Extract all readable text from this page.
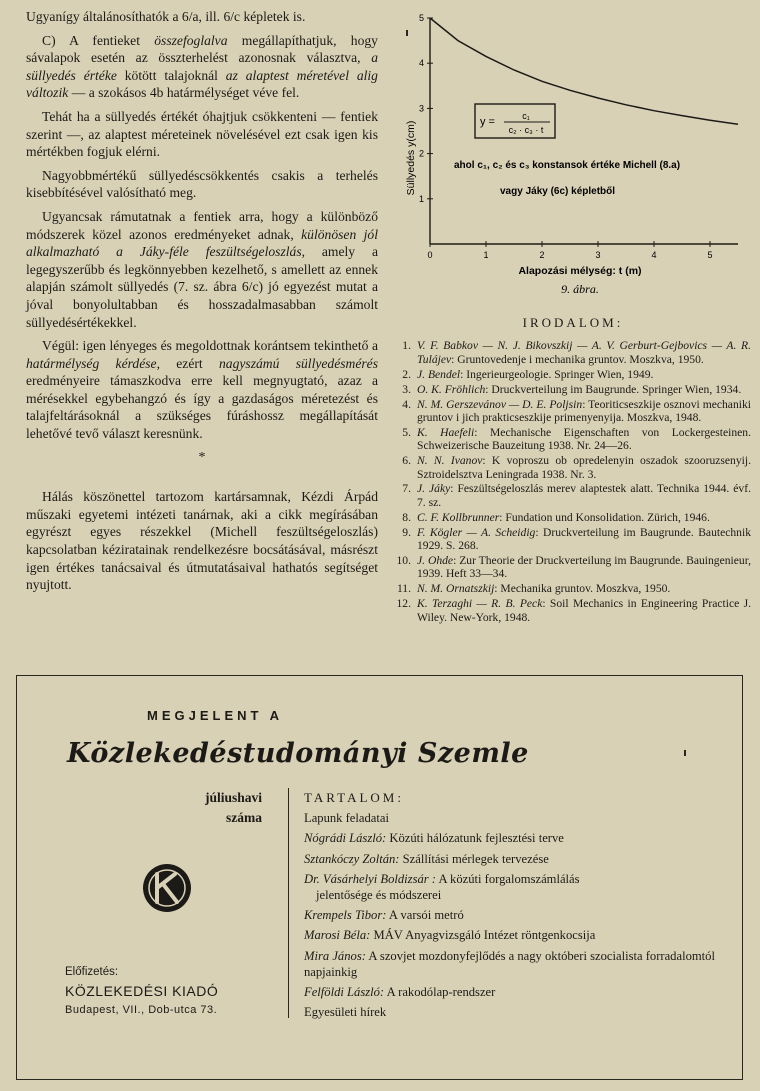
Ugyanígy általánosíthatók a 6/a, ill. 6/c képletek is.

C) A fentieket összefoglalva megállapíthatjuk, hogy sávalapok esetén az összterhelést azonosnak választva, a süllyedés értéke kötött talajoknál az alaptest méretével alig változik — a szokásos 4b határmélységet véve fel.

Tehát ha a süllyedés értékét óhajtjuk csökkenteni — fentiek szerint —, az alaptest méreteinek növelésével ezt csak igen kis mértékben fogjuk elérni.

Nagyobbmértékű süllyedéscsökkentés csakis a terhelés kisebbítésével valósítható meg.

Ugyancsak rámutatnak a fentiek arra, hogy a különböző módszerek közel azonos eredményeket adnak, különösen jól alkalmazható a Jáky-féle feszültségeloszlás, amely a legegyszerűbb és legkönnyebben kezelhető, s amellett az ennek alapján számolt süllyedés (7. sz. ábra 6/c) jó egyezést mutat a jóval bonyolultabban és hosszadalmasabban számolt süllyedésértékekkel.

Végül: igen lényeges és megoldottnak korántsem tekinthető a határmélység kérdése, ezért nagyszámú süllyedésmérés eredményeire támaszkodva erre kell megnyugtató, azaz a mérésekkel egybehangzó és így a gazdaságos méretezést és talajfeltárásoknál a szükséges fúráshossz megállapítását lehetővé tevő választ keresnünk.

*

Hálás köszönettel tartozom kartársamnak, Kézdi Árpád műszaki egyetemi intézeti tanárnak, aki a cikk megírásában egyrészt egyes részekkel (Michell feszültségeloszlás) kapcsolatban kéziratainak rendelkezésre bocsátásával, másrészt igen értékes tanácsaival és útmutatásaival hathatós segítséget nyujtott.

0	1	2	3	4	5
1
2
3
4
5
Süllyedés y(cm)	y =	c₁
c₂ · c₃ · t
ahol c₁, c₂ és c₃ konstansok értéke Michell (8.a)
vagy Jáky (6c) képletből
Alapozási mélység: t (m)
9. ábra.
IRODALOM:
1. V. F. Babkov — N. J. Bikovszkij — A. V. Gerburt-Gejbovics — A. R. Tulájev: Gruntovedenje i mechanika gruntov. Moszkva, 1950.
2. J. Bendel: Ingerieurgeologie. Springer Wien, 1949.
3. O. K. Fröhlich: Druckverteilung im Baugrunde. Springer Wien, 1934.
4. N. M. Gerszevánov — D. E. Poljsin: Teoriticseszkije osznovi mechaniki gruntov i jich prakticseszkije primenyenyija. Moszkva, 1948.
5. K. Haefeli: Mechanische Eigenschaften von Lockergesteinen. Schweizerische Bauzeitung 1938. Nr. 24—26.
6. N. N. Ivanov: K voproszu ob opredelenyin oszadok szooruzsenyij. Sztroidelsztva Leningrada 1938. Nr. 3.
7. J. Jáky: Feszültségeloszlás merev alaptestek alatt. Technika 1944. évf. 7. sz.
8. C. F. Kollbrunner: Fundation und Konsolidation. Zürich, 1946.
9. F. Kögler — A. Scheidig: Druckverteilung im Baugrunde. Bautechnik 1929. S. 268.
10. J. Ohde: Zur Theorie der Druckverteilung im Baugrunde. Bauingenieur, 1939. Heft 33—34.
11. N. M. Ornatszkij: Mechanika gruntov. Moszkva, 1950.
12. K. Terzaghi — R. B. Peck: Soil Mechanics in Engineering Practice J. Wiley. New-York, 1948.
MEGJELENT A
Közlekedéstudományi Szemle
júliushavi
száma
Előfizetés:
KÖZLEKEDÉSI KIADÓ
Budapest, VII., Dob-utca 73.
TARTALOM:
Lapunk feladatai
Nógrádi László: Közúti hálózatunk fejlesztési terve
Sztankóczy Zoltán: Szállítási mérlegek tervezése
Dr. Vásárhelyi Boldizsár : A közúti forgalomszámlálás
jelentősége és módszerei
Krempels Tibor: A varsói metró
Marosi Béla: MÁV Anyagvizsgáló Intézet röntgenkocsija
Mira János: A szovjet mozdonyfejlődés a nagy októberi szocialista forradalomtól napjainkig
Felföldi László: A rakodólap-rendszer
Egyesületi hírek
